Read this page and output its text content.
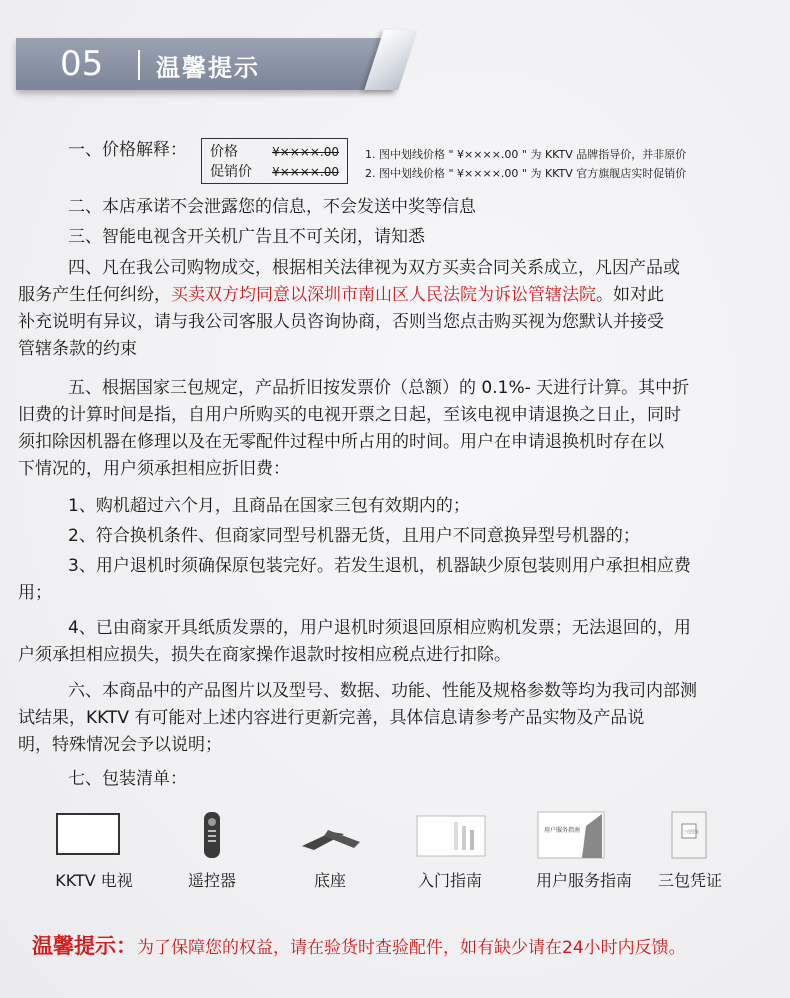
05 温馨提示
一、价格解释：	价格	¥××××.00
促销价 ¥××××.00
1. 图中划线价格 " ¥××××.00 " 为 KKTV 品牌指导价，并非原价
2. 图中划线价格 " ¥××××.00 " 为 KKTV 官方旗舰店实时促销价
二、本店承诺不会泄露您的信息，不会发送中奖等信息
三、智能电视含开关机广告且不可关闭，请知悉
四、凡在我公司购物成交，根据相关法律视为双方买卖合同关系成立，凡因产品或
服务产生任何纠纷，买卖双方均同意以深圳市南山区人民法院为诉讼管辖法院。如对此
补充说明有异议，请与我公司客服人员咨询协商，否则当您点击购买视为您默认并接受
管辖条款的约束
五、根据国家三包规定，产品折旧按发票价（总额）的 0.1%- 天进行计算。其中折
旧费的计算时间是指，自用户所购买的电视开票之日起，至该电视申请退换之日止，同时
须扣除因机器在修理以及在无零配件过程中所占用的时间。用户在申请退换机时存在以
下情况的，用户须承担相应折旧费：
1、购机超过六个月，且商品在国家三包有效期内的；
2、符合换机条件、但商家同型号机器无货，且用户不同意换异型号机器的；
3、用户退机时须确保原包装完好。若发生退机，机器缺少原包装则用户承担相应费
用；
4、已由商家开具纸质发票的，用户退机时须退回原相应购机发票；无法退回的，用
户须承担相应损失，损失在商家操作退款时按相应税点进行扣除。
六、本商品中的产品图片以及型号、数据、功能、性能及规格参数等均为我司内部测
试结果，KKTV 有可能对上述内容进行更新完善，具体信息请参考产品实物及产品说
明，特殊情况会予以说明；
七、包装清单：
KKTV 电视	遥控器	底座	入门指南
用户服务指南
用户服务指南
三包凭证
三包凭证
温馨提示：为了保障您的权益，请在验货时查验配件，如有缺少请在24小时内反馈。
